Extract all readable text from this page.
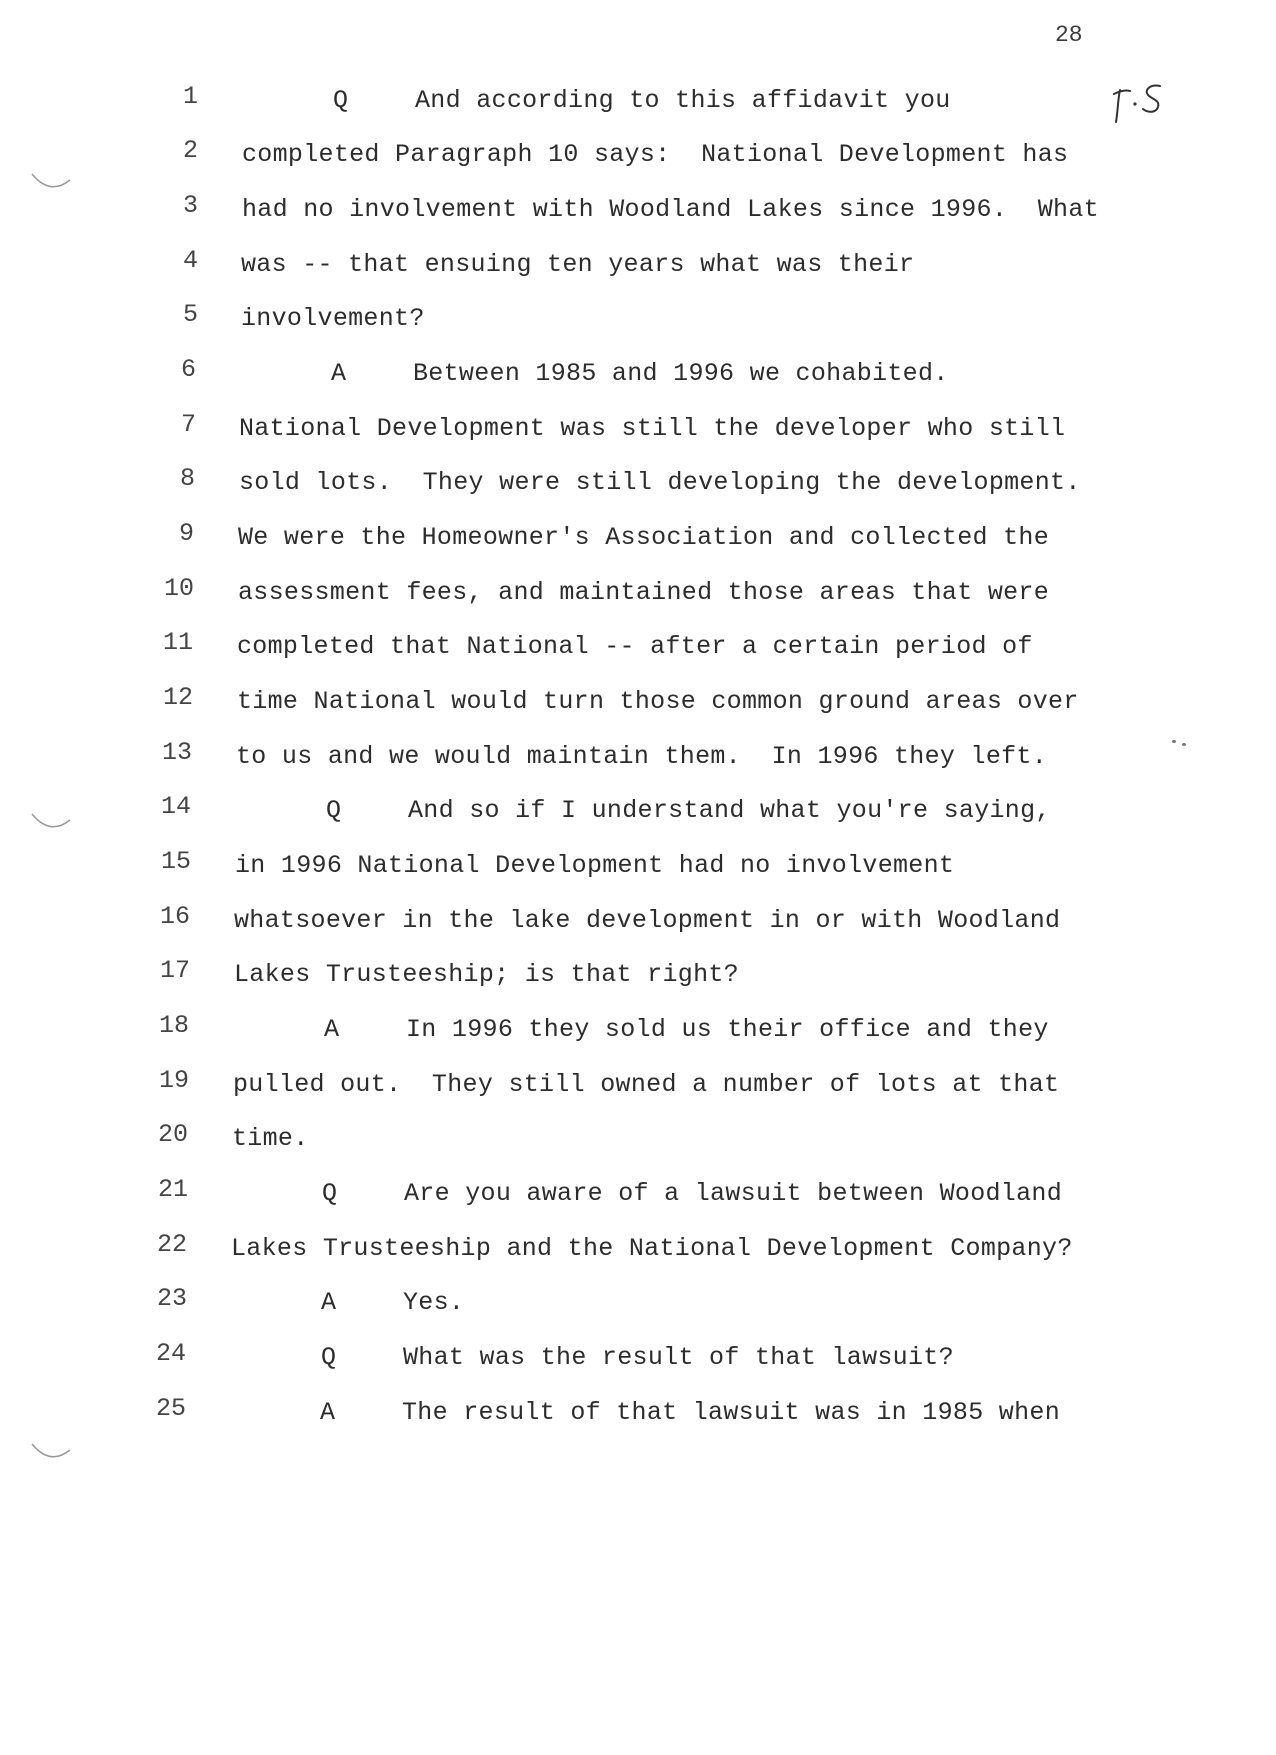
28
1
2
3
4
5
6
7
8
9
10
11
12
13
14
15
16
17
18
19
20
21
22
23
24
25
Q	And according to this affidavit you
completed Paragraph 10 says:  National Development has
had no involvement with Woodland Lakes since 1996.  What
was -- that ensuing ten years what was their
involvement?
A	Between 1985 and 1996 we cohabited.
National Development was still the developer who still
sold lots.  They were still developing the development.
We were the Homeowner's Association and collected the
assessment fees, and maintained those areas that were
completed that National -- after a certain period of
time National would turn those common ground areas over
to us and we would maintain them.  In 1996 they left.
Q	And so if I understand what you're saying,
in 1996 National Development had no involvement
whatsoever in the lake development in or with Woodland
Lakes Trusteeship; is that right?
A	In 1996 they sold us their office and they
pulled out.  They still owned a number of lots at that
time.
Q	Are you aware of a lawsuit between Woodland
Lakes Trusteeship and the National Development Company?
A	Yes.
Q	What was the result of that lawsuit?
A	The result of that lawsuit was in 1985 when
